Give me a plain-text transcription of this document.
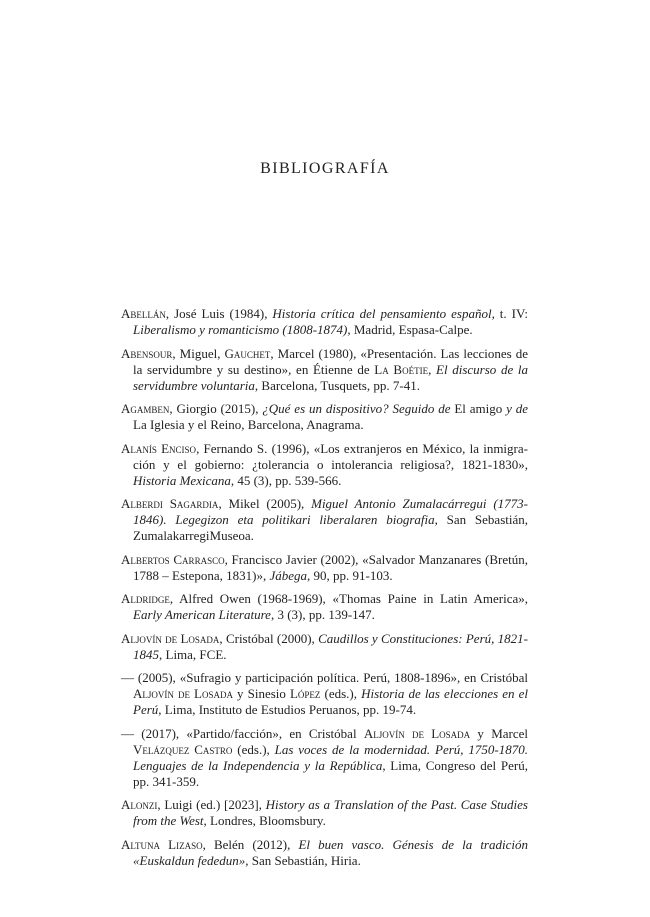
BIBLIOGRAFÍA

Abellán, José Luis (1984), Historia crítica del pensamiento español, t. IV: Liberalismo y romanticismo (1808-1874), Madrid, Espasa-Calpe.

Abensour, Miguel, Gauchet, Marcel (1980), «Presentación. Las lecciones de la servidumbre y su destino», en Étienne de La Boétie, El discurso de la servidumbre voluntaria, Barcelona, Tusquets, pp. 7-41.

Agamben, Giorgio (2015), ¿Qué es un dispositivo? Seguido de El amigo y de La Iglesia y el Reino, Barcelona, Anagrama.

Alanís Enciso, Fernando S. (1996), «Los extranjeros en México, la inmigración y el gobierno: ¿tolerancia o intolerancia religiosa?, 1821-1830», Historia Mexicana, 45 (3), pp. 539-566.

Alberdi Sagardia, Mikel (2005), Miguel Antonio Zumalacárregui (1773-1846). Legegizon eta politikari liberalaren biografia, San Sebastián, ZumalakarregiMuseoa.

Albertos Carrasco, Francisco Javier (2002), «Salvador Manzanares (Bretún, 1788 – Estepona, 1831)», Jábega, 90, pp. 91-103.

Aldridge, Alfred Owen (1968-1969), «Thomas Paine in Latin America», Early American Literature, 3 (3), pp. 139-147.

Aljovín de Losada, Cristóbal (2000), Caudillos y Constituciones: Perú, 1821-1845, Lima, FCE.

— (2005), «Sufragio y participación política. Perú, 1808-1896», en Cristóbal Aljovín de Losada y Sinesio López (eds.), Historia de las elecciones en el Perú, Lima, Instituto de Estudios Peruanos, pp. 19-74.

— (2017), «Partido/facción», en Cristóbal Aljovín de Losada y Marcel Velázquez Castro (eds.), Las voces de la modernidad. Perú, 1750-1870. Lenguajes de la Independencia y la República, Lima, Congreso del Perú, pp. 341-359.

Alonzi, Luigi (ed.) [2023], History as a Translation of the Past. Case Studies from the West, Londres, Bloomsbury.

Altuna Lizaso, Belén (2012), El buen vasco. Génesis de la tradición «Euskaldun fededun», San Sebastián, Hiria.
